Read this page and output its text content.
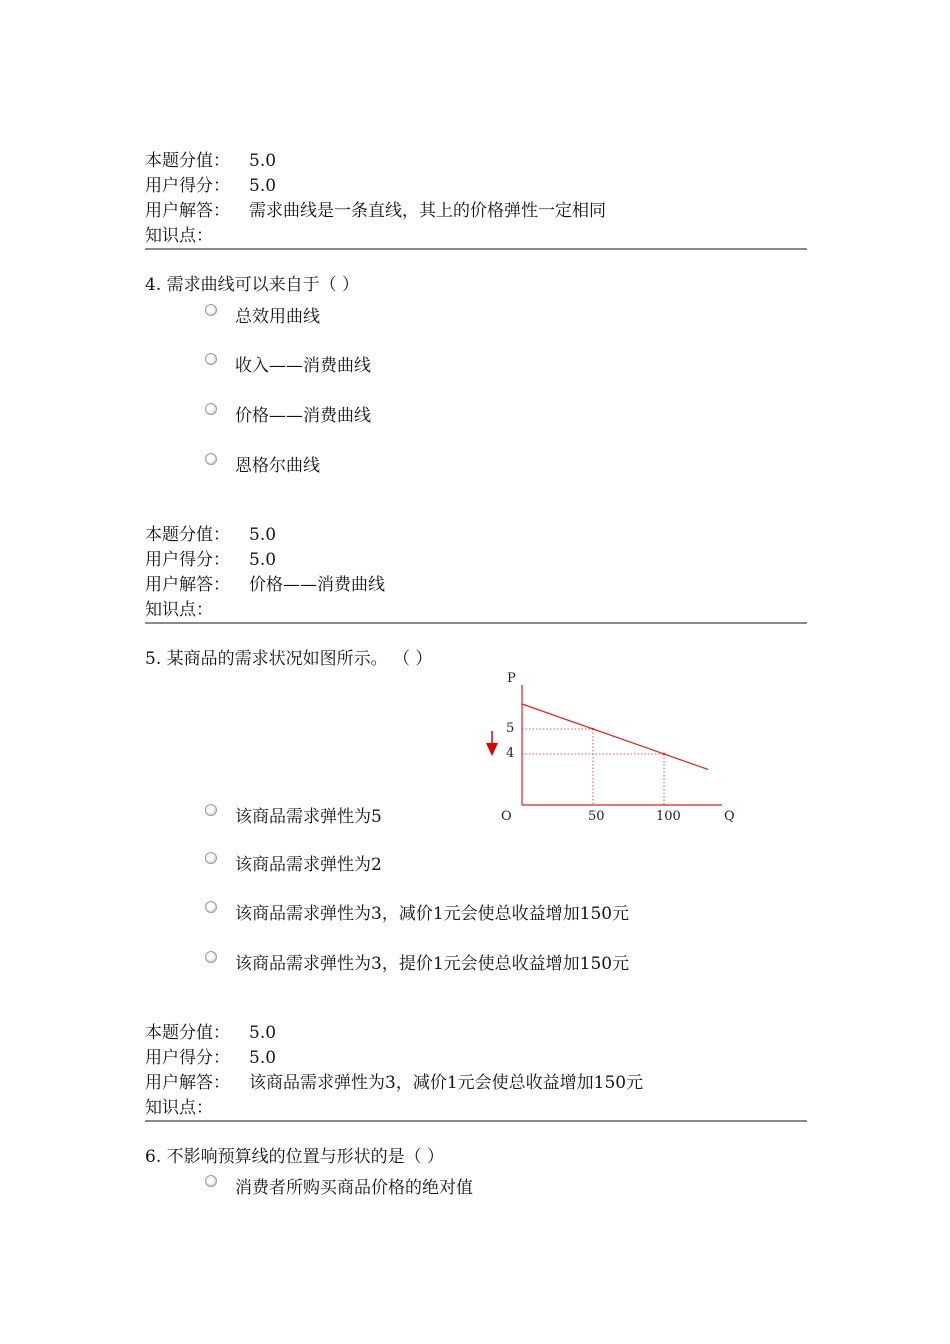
本题分值： 5.0
用户得分： 5.0
用户解答： 需求曲线是一条直线，其上的价格弹性一定相同
知识点：
4. 需求曲线可以来自于（ ）
总效用曲线
收入——消费曲线
价格——消费曲线
恩格尔曲线
本题分值： 5.0
用户得分： 5.0
用户解答： 价格——消费曲线
知识点：
5. 某商品的需求状况如图所示。 （ ）
P
O	Q
5
4
50	100
该商品需求弹性为5
该商品需求弹性为2
该商品需求弹性为3，减价1元会使总收益增加150元
该商品需求弹性为3，提价1元会使总收益增加150元
本题分值： 5.0
用户得分： 5.0
用户解答： 该商品需求弹性为3，减价1元会使总收益增加150元
知识点：
6. 不影响预算线的位置与形状的是（ ）
消费者所购买商品价格的绝对值
